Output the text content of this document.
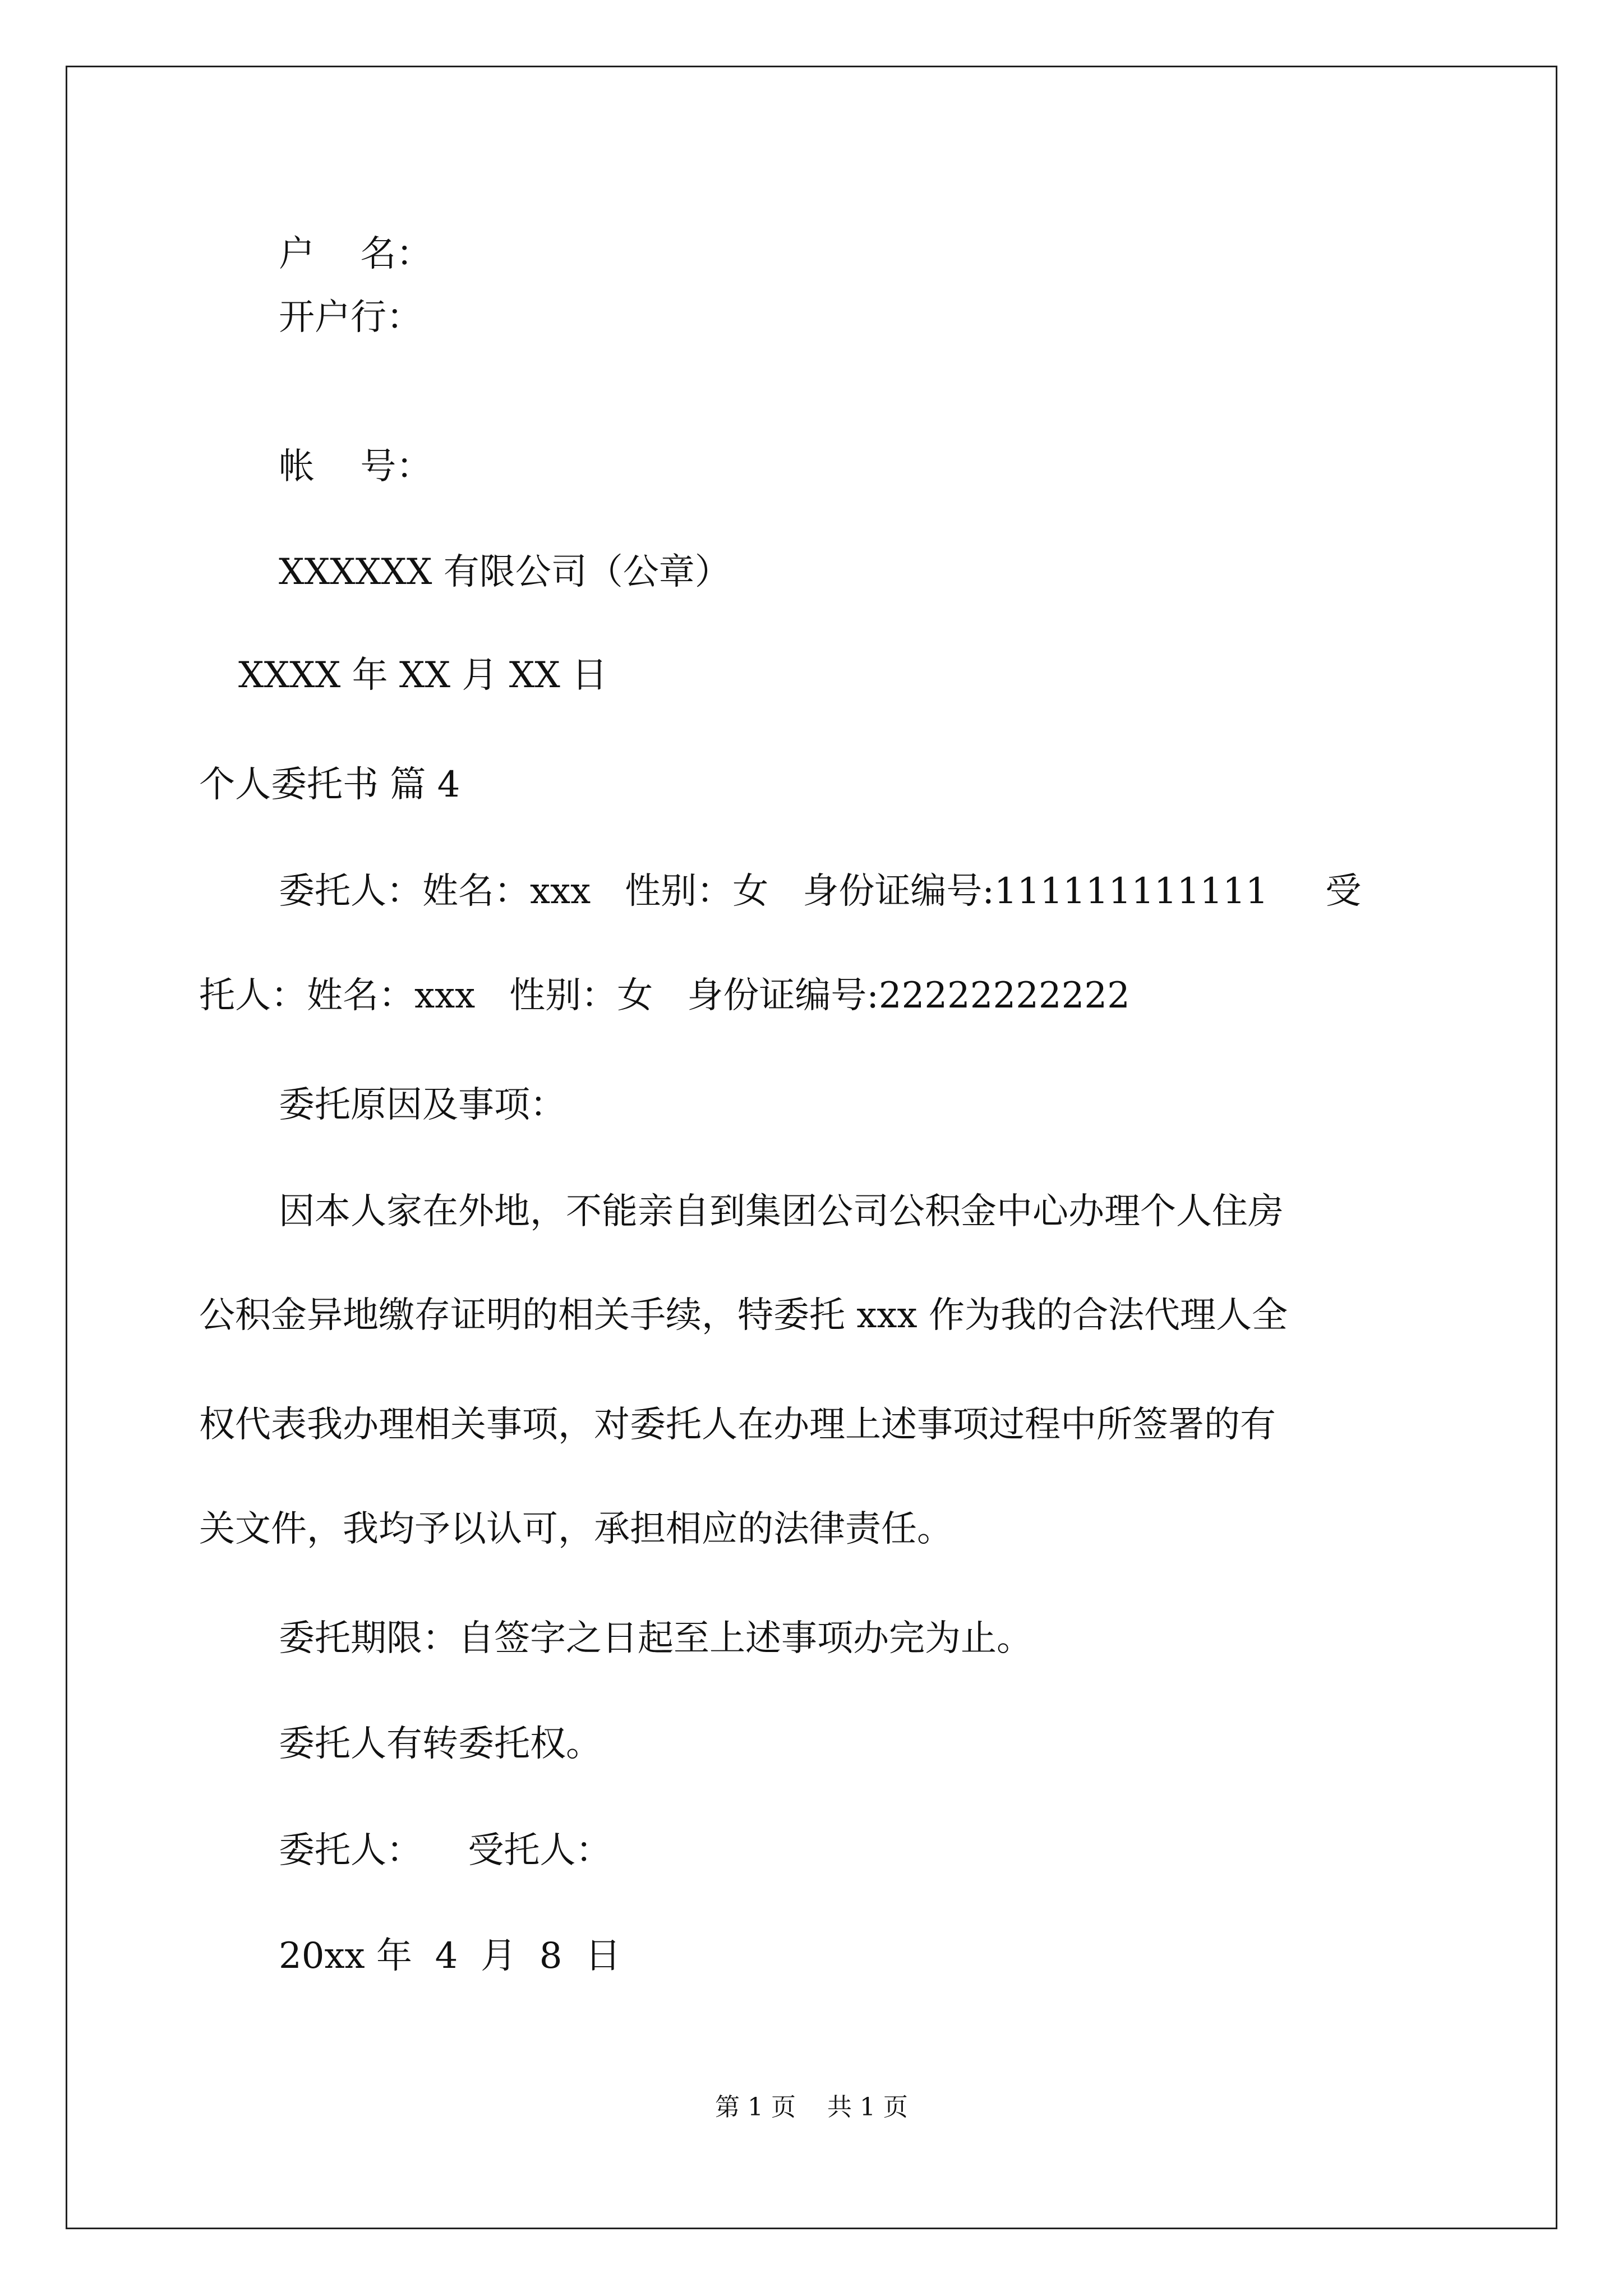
户    名：
开户行：
帐    号：
XXXXXX 有限公司（公章）
XXXX 年 XX 月 XX 日
个人委托书 篇 4
委托人：姓名：xxx   性别：女   身份证编号:111111111111     受
托人：姓名：xxx   性别：女   身份证编号:22222222222
委托原因及事项：
因本人家在外地，不能亲自到集团公司公积金中心办理个人住房
公积金异地缴存证明的相关手续，特委托 xxx 作为我的合法代理人全
权代表我办理相关事项，对委托人在办理上述事项过程中所签署的有
关文件，我均予以认可，承担相应的法律责任。
委托期限：自签字之日起至上述事项办完为止。
委托人有转委托权。
委托人：    受托人：
20xx 年  4  月  8  日
第 1 页    共 1 页
